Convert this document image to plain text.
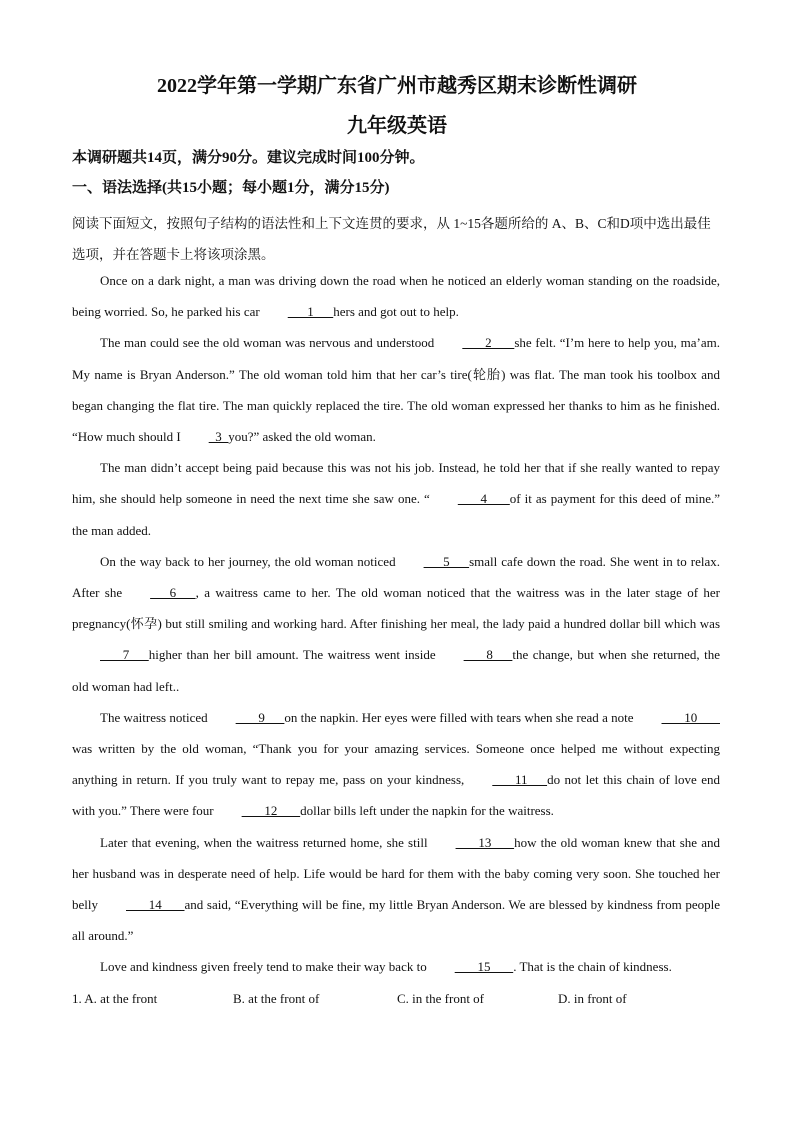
2022学年第一学期广东省广州市越秀区期末诊断性调研
九年级英语
本调研题共14页，满分90分。建议完成时间100分钟。
一、语法选择(共15小题；每小题1分，满分15分)
阅读下面短文，按照句子结构的语法性和上下文连贯的要求，从 1~15各题所给的 A、B、C和D项中选出最佳选项，并在答题卡上将该项涂黑。

Once on a dark night, a man was driving down the road when he noticed an elderly woman standing on the roadside, being worried. So, he parked his car      1      hers and got out to help.

The man could see the old woman was nervous and understood       2       she felt. “I’m here to help you, ma’am. My name is Bryan Anderson.” The old woman told him that her car’s tire(轮胎) was flat. The man took his toolbox and began changing the flat tire. The man quickly replaced the tire. The old woman expressed her thanks to him as he finished. “How much should I  3  you?” asked the old woman.

The man didn’t accept being paid because this was not his job. Instead, he told her that if she really wanted to repay him, she should help someone in need the next time she saw one. “       4       of it as payment for this deed of mine.” the man added.

On the way back to her journey, the old woman noticed      5      small cafe down the road. She went in to relax. After she      6      , a waitress came to her. The old woman noticed that the waitress was in the later stage of her pregnancy(怀孕) but still smiling and working hard. After finishing her meal, the lady paid a hundred dollar bill which was       7      higher than her bill amount. The waitress went inside       8      the change, but when she returned, the old woman had left..

The waitress noticed       9      on the napkin. Her eyes were filled with tears when she read a note       10       was written by the old woman, “Thank you for your amazing services. Someone once helped me without expecting anything in return. If you truly want to repay me, pass on your kindness,       11      do not let this chain of love end with you.” There were four       12       dollar bills left under the napkin for the waitress.

Later that evening, when the waitress returned home, she still       13       how the old woman knew that she and her husband was in desperate need of help. Life would be hard for them with the baby coming very soon. She touched her belly       14       and said, “Everything will be fine, my little Bryan Anderson. We are blessed by kindness from people all around.”

Love and kindness given freely tend to make their way back to       15       . That is the chain of kindness.

1. A. at the front	B. at the front of	C. in the front of	D. in front of
